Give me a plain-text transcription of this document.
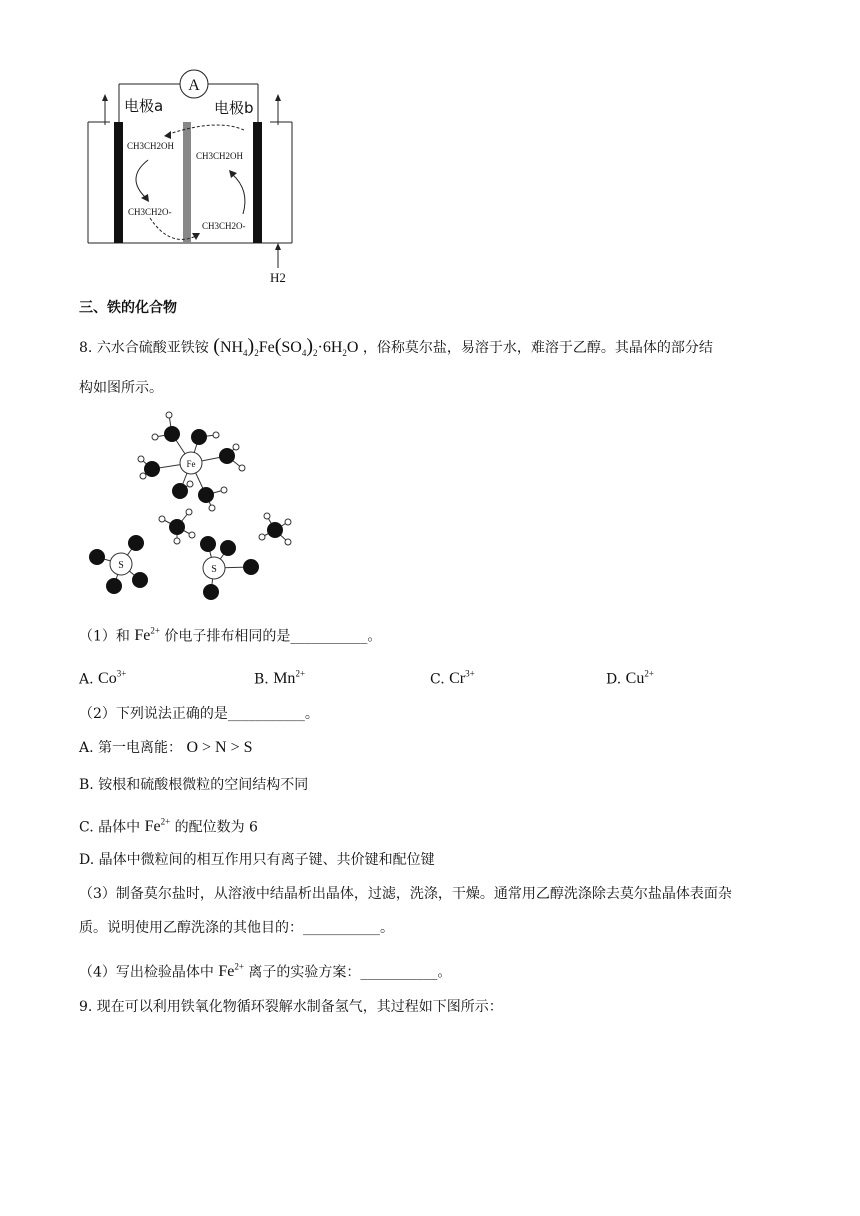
A
电极a	电极b
CH3CH2OH
CH3CH2OH
CH3CH2O-
CH3CH2O-
H2
三、铁的化合物
8. 六水合硫酸亚铁铵 $(NH_4)_2Fe(SO_4)_2\cdot 6H_2O$ ，俗称莫尔盐，易溶于水，难溶于乙醇。其晶体的部分结
构如图所示。
Fe
S	S
（1）和 $Fe^{2+}$ 价电子排布相同的是___________。
A. $Co^{3+}$	B. $Mn^{2+}$	C. $Cr^{3+}$	D. $Cu^{2+}$
（2）下列说法正确的是___________。
A. 第一电离能： O > N > S
B. 铵根和硫酸根微粒的空间结构不同
C. 晶体中 $Fe^{2+}$ 的配位数为 6
D. 晶体中微粒间的相互作用只有离子键、共价键和配位键
（3）制备莫尔盐时，从溶液中结晶析出晶体，过滤，洗涤，干燥。通常用乙醇洗涤除去莫尔盐晶体表面杂
质。说明使用乙醇洗涤的其他目的：___________。
（4）写出检验晶体中 $Fe^{2+}$ 离子的实验方案：___________。
9. 现在可以利用铁氧化物循环裂解水制备氢气，其过程如下图所示：
